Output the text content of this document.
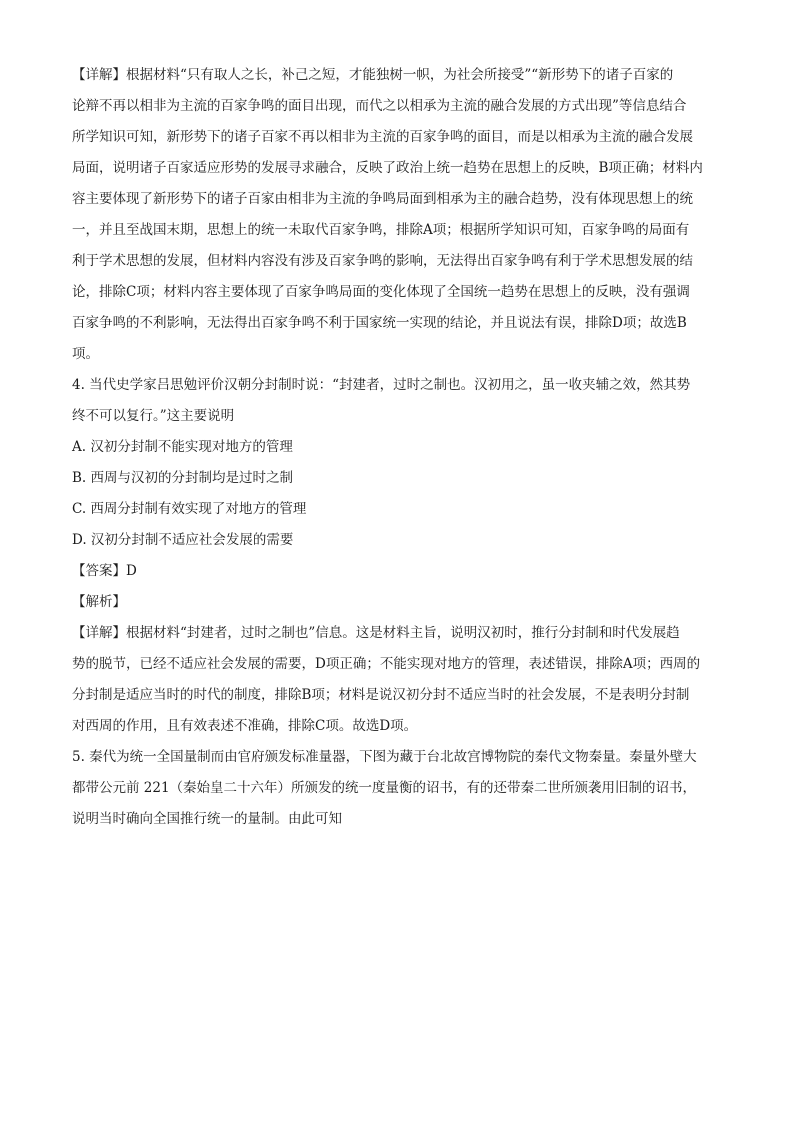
【详解】根据材料“只有取人之长，补己之短，才能独树一帜，为社会所接受”“新形势下的诸子百家的
论辩不再以相非为主流的百家争鸣的面目出现，而代之以相承为主流的融合发展的方式出现”等信息结合
所学知识可知，新形势下的诸子百家不再以相非为主流的百家争鸣的面目，而是以相承为主流的融合发展
局面，说明诸子百家适应形势的发展寻求融合，反映了政治上统一趋势在思想上的反映，B项正确；材料内
容主要体现了新形势下的诸子百家由相非为主流的争鸣局面到相承为主的融合趋势，没有体现思想上的统
一，并且至战国末期，思想上的统一未取代百家争鸣，排除A项；根据所学知识可知，百家争鸣的局面有
利于学术思想的发展，但材料内容没有涉及百家争鸣的影响，无法得出百家争鸣有利于学术思想发展的结
论，排除C项；材料内容主要体现了百家争鸣局面的变化体现了全国统一趋势在思想上的反映，没有强调
百家争鸣的不利影响，无法得出百家争鸣不利于国家统一实现的结论，并且说法有误，排除D项；故选B
项。
4. 当代史学家吕思勉评价汉朝分封制时说：“封建者，过时之制也。汉初用之，虽一收夹辅之效，然其势
终不可以复行。”这主要说明
A. 汉初分封制不能实现对地方的管理
B. 西周与汉初的分封制均是过时之制
C. 西周分封制有效实现了对地方的管理
D. 汉初分封制不适应社会发展的需要
【答案】D
【解析】
【详解】根据材料“封建者，过时之制也”信息。这是材料主旨，说明汉初时，推行分封制和时代发展趋
势的脱节，已经不适应社会发展的需要，D项正确；不能实现对地方的管理，表述错误，排除A项；西周的
分封制是适应当时的时代的制度，排除B项；材料是说汉初分封不适应当时的社会发展，不是表明分封制
对西周的作用，且有效表述不准确，排除C项。故选D项。
5. 秦代为统一全国量制而由官府颁发标准量器，下图为藏于台北故宫博物院的秦代文物秦量。秦量外壁大
都带公元前 221（秦始皇二十六年）所颁发的统一度量衡的诏书，有的还带秦二世所颁袭用旧制的诏书，
说明当时确向全国推行统一的量制。由此可知
